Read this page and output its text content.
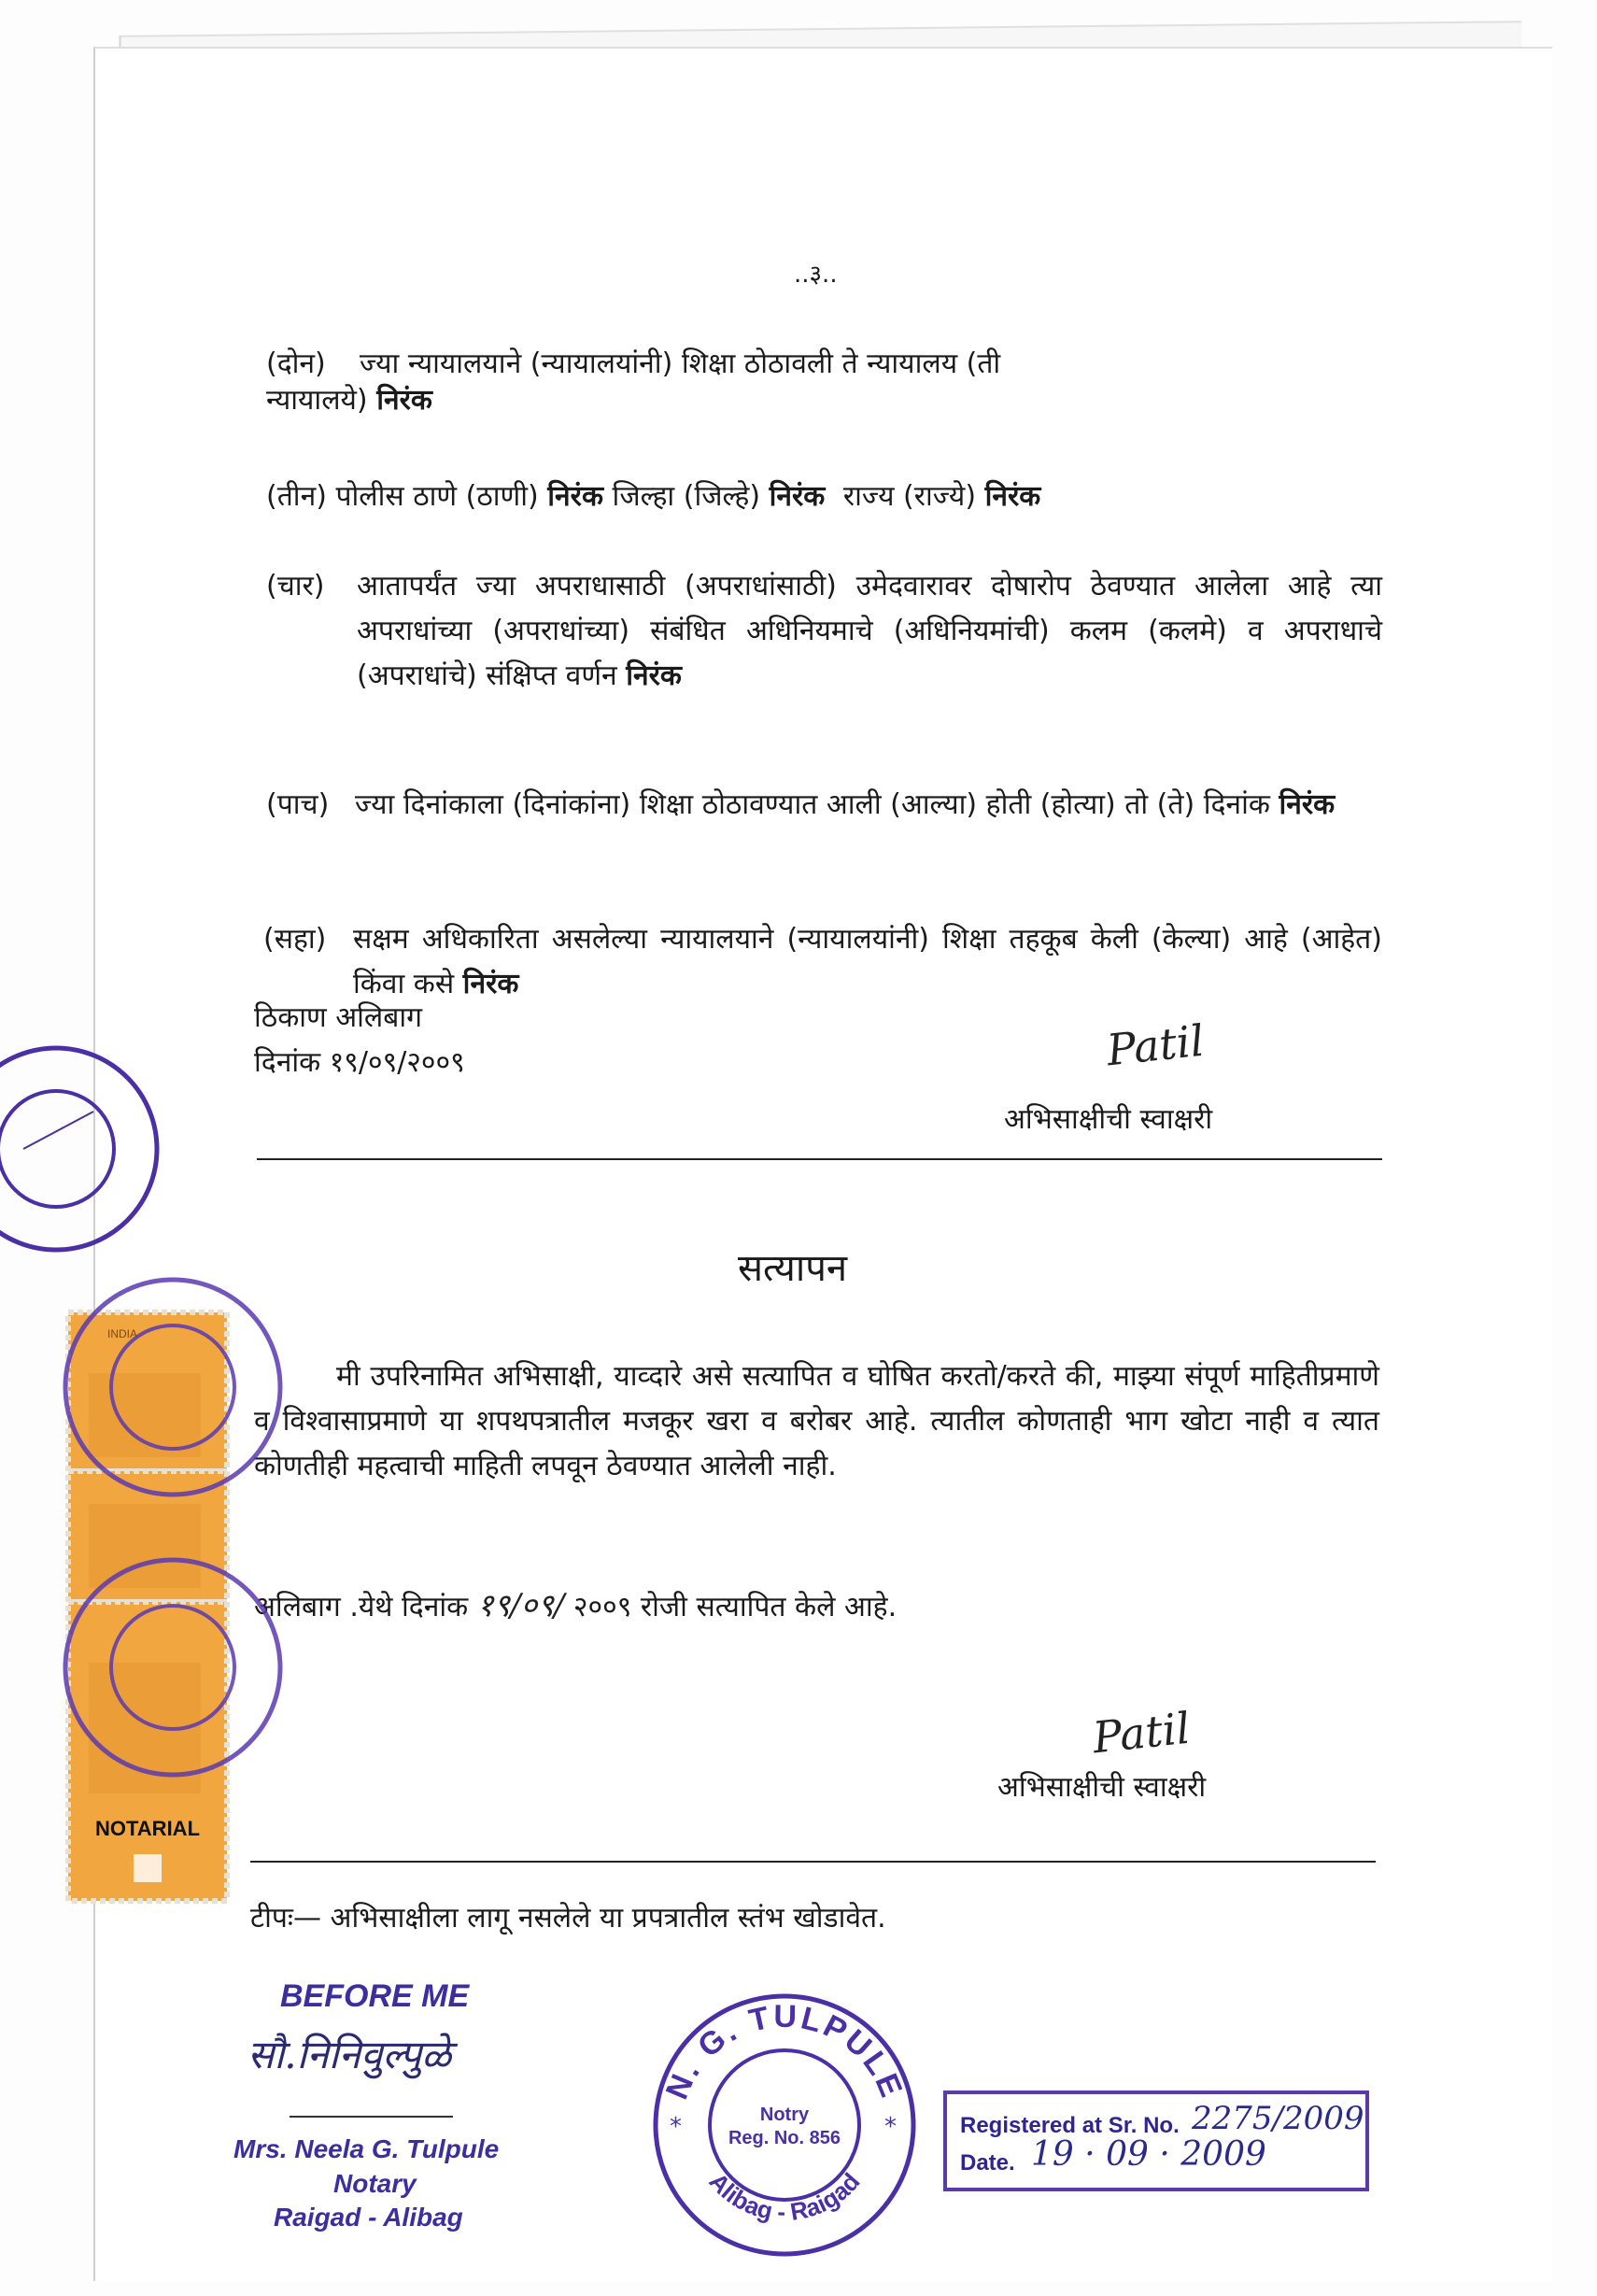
..३..
(दोन) ज्या न्यायालयाने (न्यायालयांनी) शिक्षा ठोठावली ते न्यायालय (ती
न्यायालये) निरंक
(तीन) पोलीस ठाणे (ठाणी) निरंक जिल्हा (जिल्हे) निरंक राज्य (राज्ये) निरंक
(चार) आतापर्यंत ज्या अपराधासाठी (अपराधांसाठी) उमेदवारावर दोषारोप ठेवण्यात आलेला आहे त्या अपराधांच्या (अपराधांच्या) संबंधित अधिनियमाचे (अधिनियमांची) कलम (कलमे) व अपराधाचे (अपराधांचे) संक्षिप्त वर्णन निरंक
(पाच) ज्या दिनांकाला (दिनांकांना) शिक्षा ठोठावण्यात आली (आल्या) होती (होत्या) तो (ते) दिनांक निरंक
(सहा) सक्षम अधिकारिता असलेल्या न्यायालयाने (न्यायालयांनी) शिक्षा तहकूब केली (केल्या) आहे (आहेत) किंवा कसे निरंक
ठिकाण अलिबाग
दिनांक १९/०९/२००९	Patil
अभिसाक्षीची स्वाक्षरी
सत्यापन
मी उपरिनामित अभिसाक्षी, याव्दारे असे सत्यापित व घोषित करतो/करते की, माझ्या संपूर्ण माहितीप्रमाणे व विश्वासाप्रमाणे या शपथपत्रातील मजकूर खरा व बरोबर आहे. त्यातील कोणताही भाग खोटा नाही व त्यात कोणतीही महत्वाची माहिती लपवून ठेवण्यात आलेली नाही.
अलिबाग .येथे दिनांक १९/०९/ २००९ रोजी सत्यापित केले आहे.
Patil
अभिसाक्षीची स्वाक्षरी
टीपः— अभिसाक्षीला लागू नसलेले या प्रपत्रातील स्तंभ खोडावेत.
BEFORE ME
सौ.निनिवुल्पुळे
Mrs. Neela G. Tulpule
Notary
Raigad - Alibag
N. G. TULPULE
Alibag - Raigad
Notry
Reg. No. 856
*	*	Registered at Sr. No. 2275/2009
Date. 19 · 09 · 2009
INDIA
NOTARIAL
